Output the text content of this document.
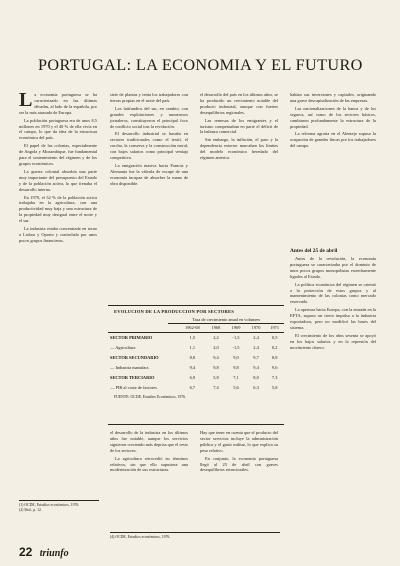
PORTUGAL: LA ECONOMIA Y EL FUTURO
L a economía portuguesa se ha caracterizado en las últimas décadas, al lado de la española, por ser la más atrasada de Europa.

La población portuguesa era de unos 8,5 millones en 1970 y el 40 % de ella vivía en el campo, lo que da idea de la estructura económica del país.

El papel de las colonias, especialmente de Angola y Mozambique, fue fundamental para el sostenimiento del régimen y de los grupos económicos.

La guerra colonial absorbía una parte muy importante del presupuesto del Estado y de la población activa, lo que frenaba el desarrollo interno.

En 1970, el 32 % de la población activa trabajaba en la agricultura, con una productividad muy baja y una estructura de la propiedad muy desigual entre el norte y el sur.

La industria estaba concentrada en torno a Lisboa y Oporto y controlada por unos pocos grupos financieros.

(1) OCDE, Estudios económicos, 1976.
(2) Ibid., p. 12.

siete de plantas y tenía los trabajadores con tierras propias en el norte del país.

Los latifundios del sur, en cambio, con grandes explotaciones y numerosos jornaleros, constituyeron el principal foco de conflicto social tras la revolución.

El desarrollo industrial se basaba en sectores tradicionales como el textil, el corcho, la conserva y la construcción naval, con bajos salarios como principal ventaja competitiva.

La emigración masiva hacia Francia y Alemania fue la válvula de escape de una economía incapaz de absorber la mano de obra disponible.

el desarrollo del país en los últimos años, se ha producido un crecimiento notable del producto industrial, aunque con fuertes desequilibrios regionales.

Las remesas de los emigrantes y el turismo compensaban en parte el déficit de la balanza comercial.

Sin embargo, la inflación, el paro y la dependencia exterior marcaban los límites del modelo económico heredado del régimen anterior.

habían sus inversiones y capitales, originando una grave descapitalización de las empresas.

Las nacionalizaciones de la banca y de los seguros, así como de los sectores básicos, cambiaron profundamente la estructura de la propiedad.

La reforma agraria en el Alentejo supuso la ocupación de grandes fincas por los trabajadores del campo.

Antes del 25 de abril

Antes de la revolución, la economía portuguesa se caracterizaba por el dominio de unos pocos grupos monopolistas estrechamente ligados al Estado.

La política económica del régimen se orientó a la protección de estos grupos y al mantenimiento de las colonias como mercado reservado.

La apertura hacia Europa, con la entrada en la EFTA, supuso un cierto impulso a la industria exportadora, pero no modificó las bases del sistema.

El crecimiento de los años sesenta se apoyó en los bajos salarios y en la represión del movimiento obrero.

EVOLUCION DE LA PRODUCCION POR SECTORES
Tasa de crecimiento anual en volumen
	1962-68	1968	1969	1970	1971
SECTOR PRIMARIO	1,5	2,2	-1,3	2,4	0,5
— Agricultura	1,1	2,0	-1,5	2,4	0,2
SECTOR SECUNDARIO	8,8	9,4	9,0	9,7	8,8
— Industria manufact.	9,4	9,8	9,8	9,4	9,6
SECTOR TERCIARIO	6,9	5,8	7,1	8,0	7,3
— PIB al coste de factores	6,7	7,4	5,6	6,3	5,8
FUENTE: OCDE, Estudios Económicos, 1976.

el desarrollo de la industria en los últimos años fue notable, aunque los servicios siguieron creciendo más deprisa que el resto de los sectores.

La agricultura retrocedió en términos relativos, sin que ello supusiera una modernización de sus estructuras.

Hay que tener en cuenta que el producto del sector servicios incluye la administración pública y el gasto militar, lo que explica su peso relativo.

En conjunto, la economía portuguesa llegó al 25 de abril con graves desequilibrios estructurales.

(4) OCDE, Estudios económicos, 1976.
22 triunfo
